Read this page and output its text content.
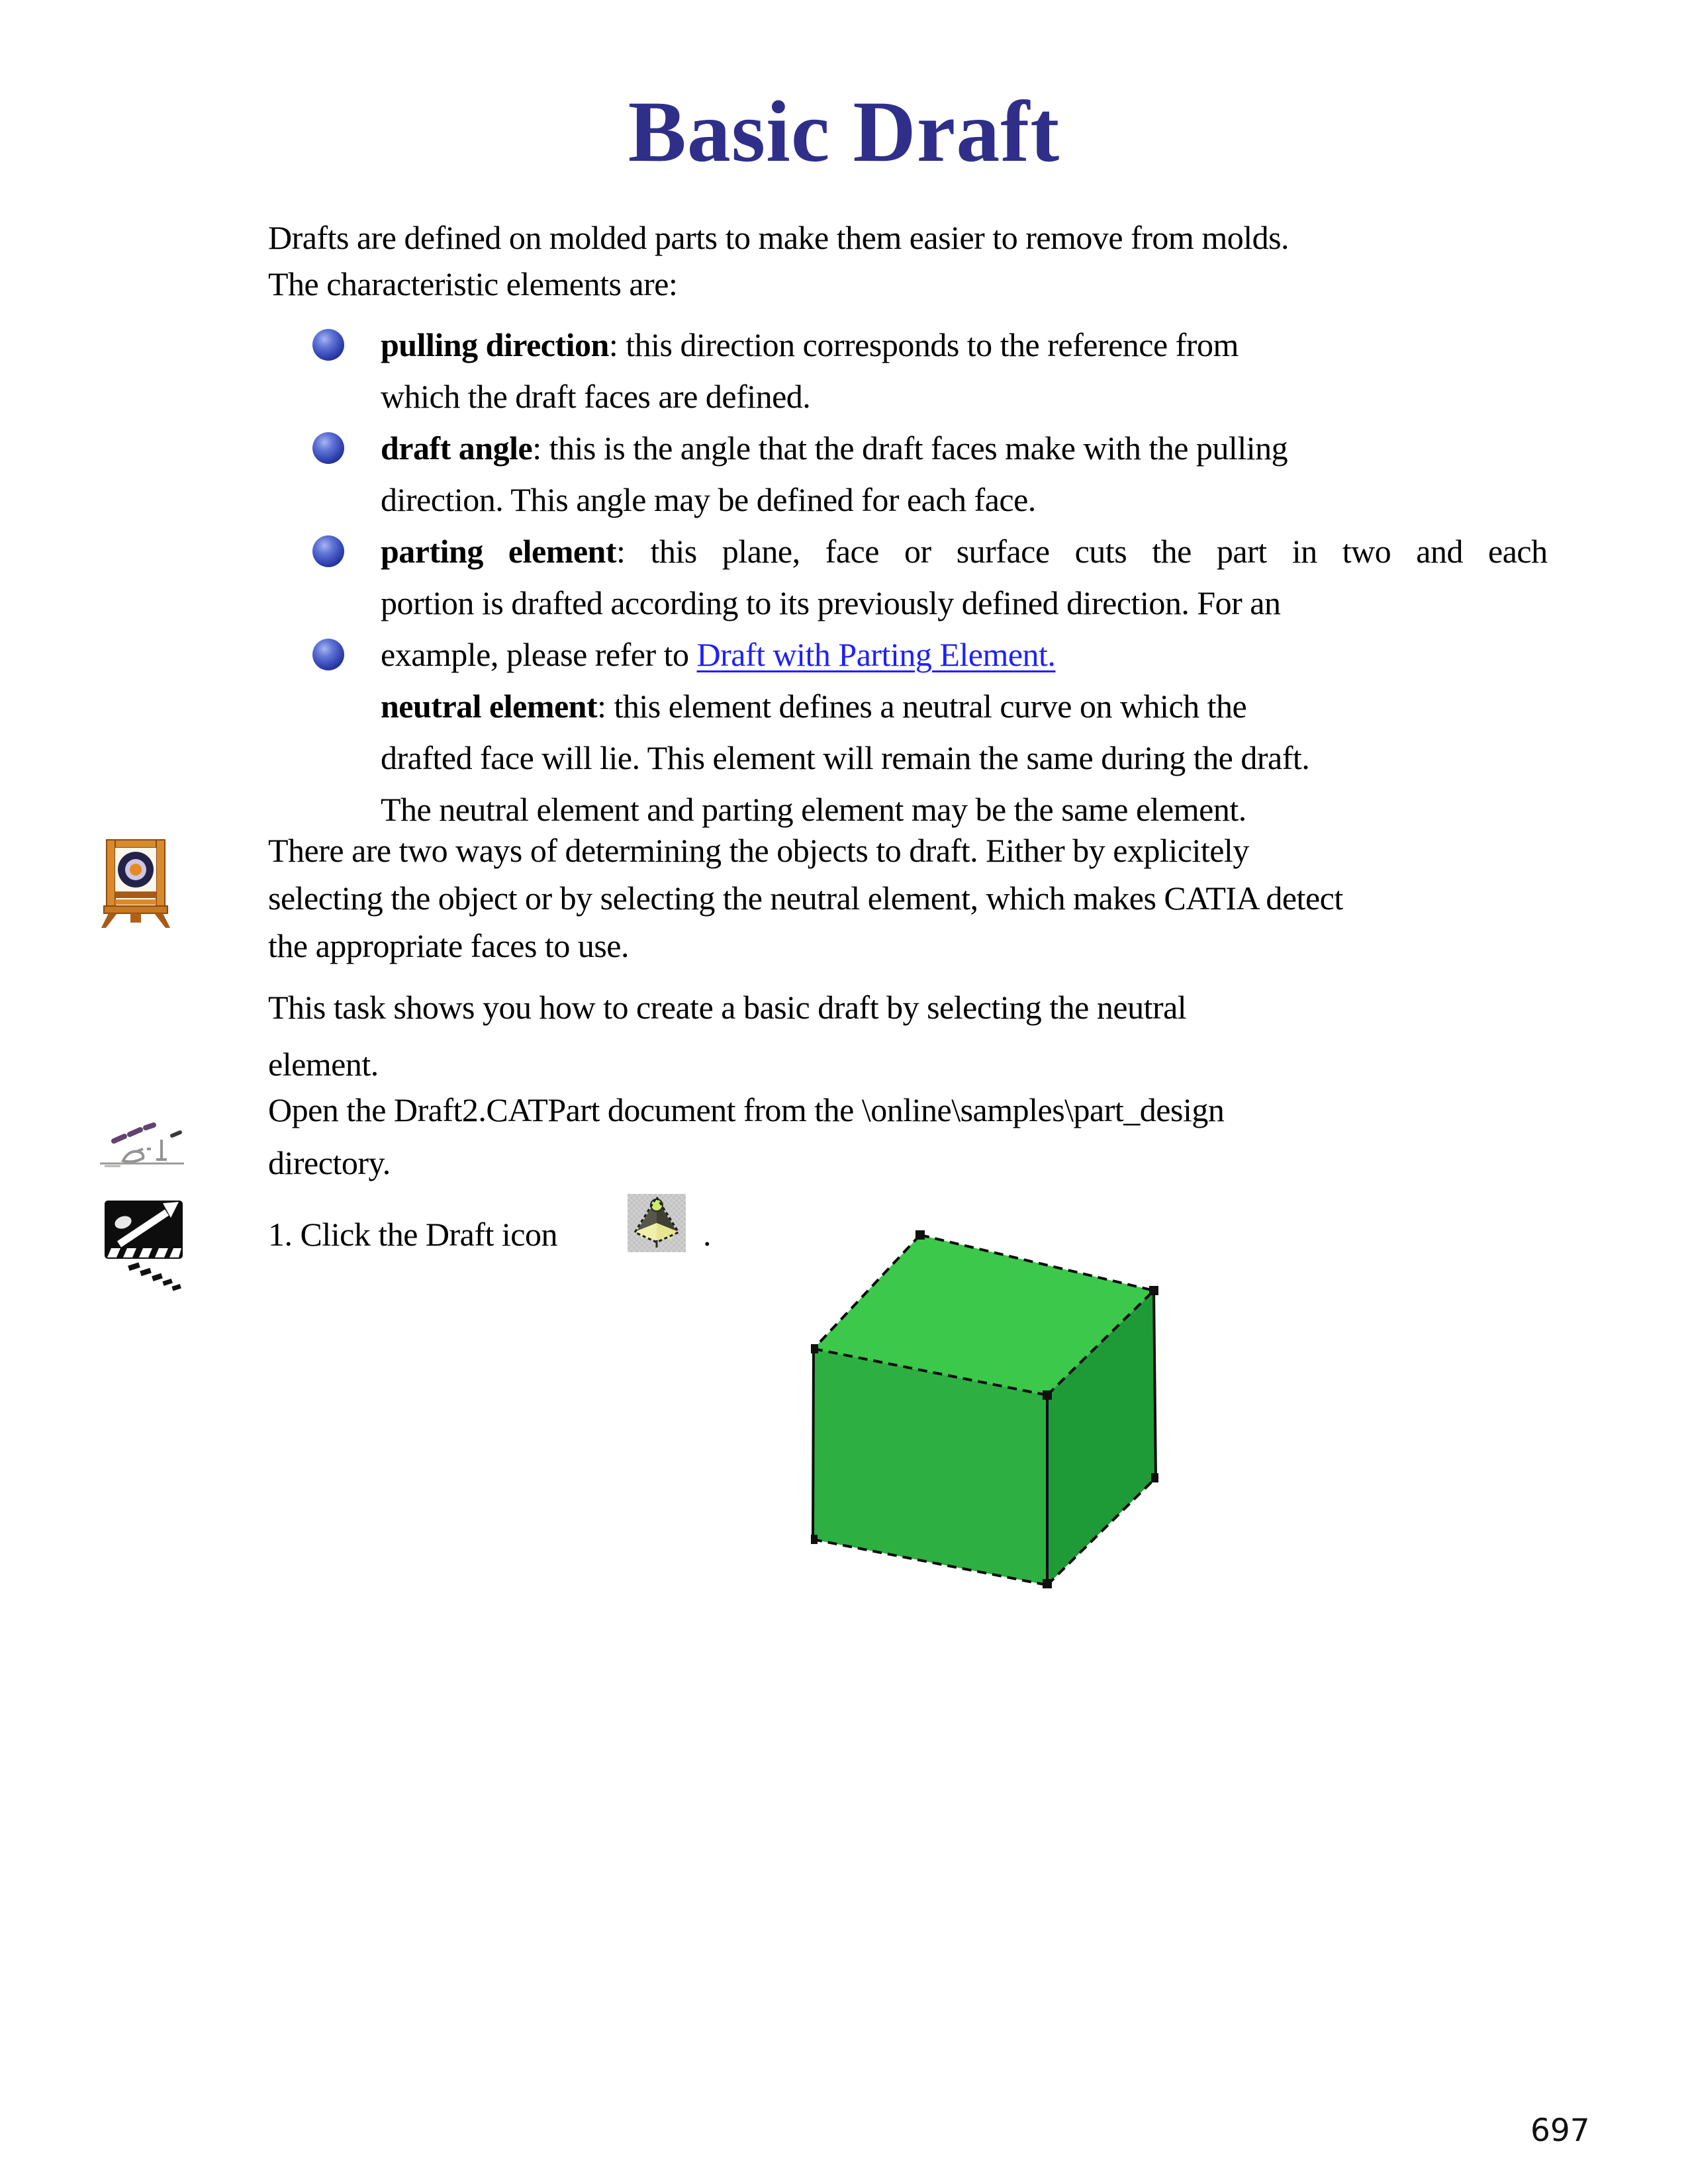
Basic Draft
Drafts are defined on molded parts to make them easier to remove from molds.
The characteristic elements are:
pulling direction: this direction corresponds to the reference from
which the draft faces are defined.
draft angle: this is the angle that the draft faces make with the pulling
direction. This angle may be defined for each face.
parting element: this plane, face or surface cuts the part in two and each
portion is drafted according to its previously defined direction. For an
example, please refer to Draft with Parting Element.
neutral element: this element defines a neutral curve on which the
drafted face will lie. This element will remain the same during the draft.
The neutral element and parting element may be the same element.
There are two ways of determining the objects to draft. Either by explicitely
selecting the object or by selecting the neutral element, which makes CATIA detect
the appropriate faces to use.
This task shows you how to create a basic draft by selecting the neutral
element.
Open the Draft2.CATPart document from the \online\samples\part_design
directory.
1. Click the Draft icon	.
697
